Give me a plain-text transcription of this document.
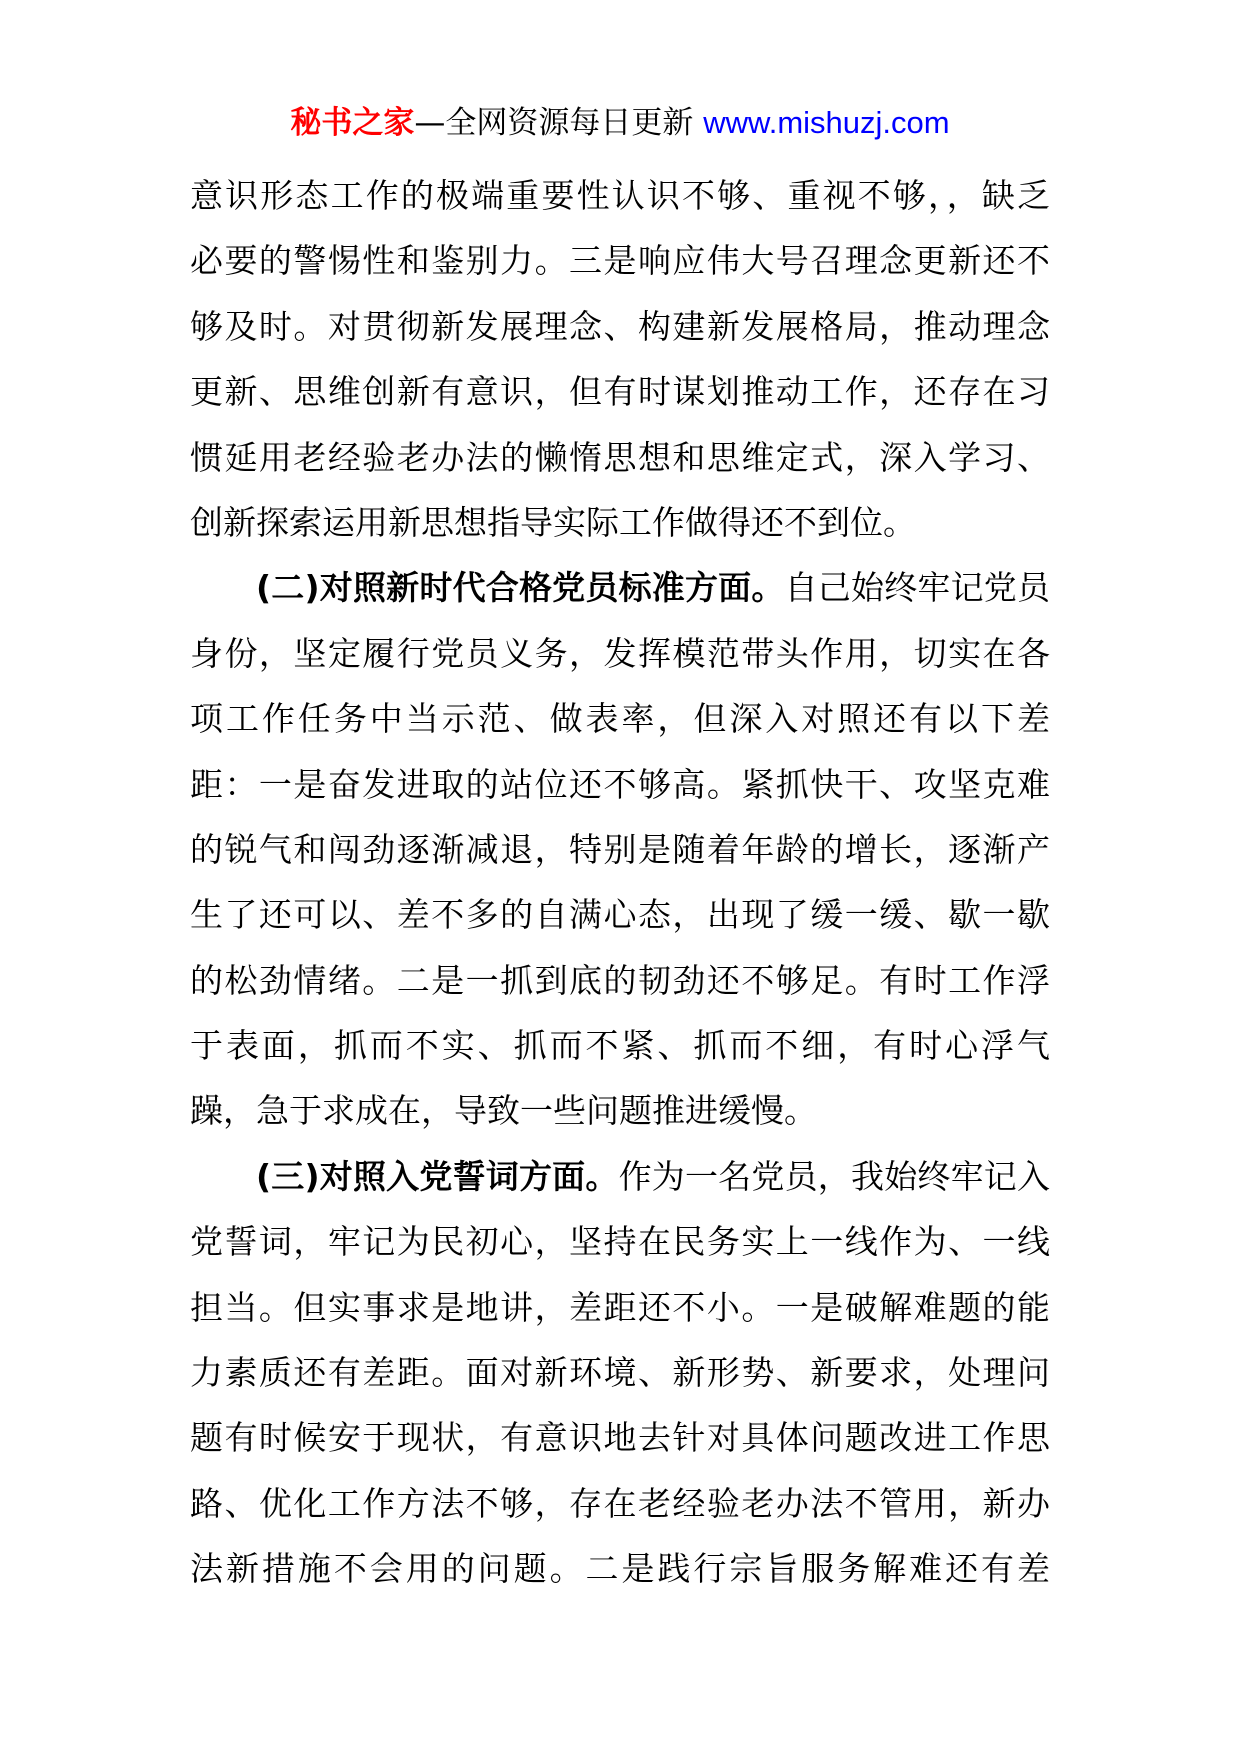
秘书之家—全网资源每日更新 www.mishuzj.com
意识形态工作的极端重要性认识不够、重视不够，，缺乏
必要的警惕性和鉴别力。三是响应伟大号召理念更新还不
够及时。对贯彻新发展理念、构建新发展格局，推动理念
更新、思维创新有意识，但有时谋划推动工作，还存在习
惯延用老经验老办法的懒惰思想和思维定式，深入学习、
创新探索运用新思想指导实际工作做得还不到位。
(二)对照新时代合格党员标准方面。自己始终牢记党员
身份，坚定履行党员义务，发挥模范带头作用，切实在各
项工作任务中当示范、做表率，但深入对照还有以下差
距：一是奋发进取的站位还不够高。紧抓快干、攻坚克难
的锐气和闯劲逐渐减退，特别是随着年龄的增长，逐渐产
生了还可以、差不多的自满心态，出现了缓一缓、歇一歇
的松劲情绪。二是一抓到底的韧劲还不够足。有时工作浮
于表面，抓而不实、抓而不紧、抓而不细，有时心浮气
躁，急于求成在，导致一些问题推进缓慢。
(三)对照入党誓词方面。作为一名党员，我始终牢记入
党誓词，牢记为民初心，坚持在民务实上一线作为、一线
担当。但实事求是地讲，差距还不小。一是破解难题的能
力素质还有差距。面对新环境、新形势、新要求，处理问
题有时候安于现状，有意识地去针对具体问题改进工作思
路、优化工作方法不够，存在老经验老办法不管用，新办
法新措施不会用的问题。二是践行宗旨服务解难还有差
